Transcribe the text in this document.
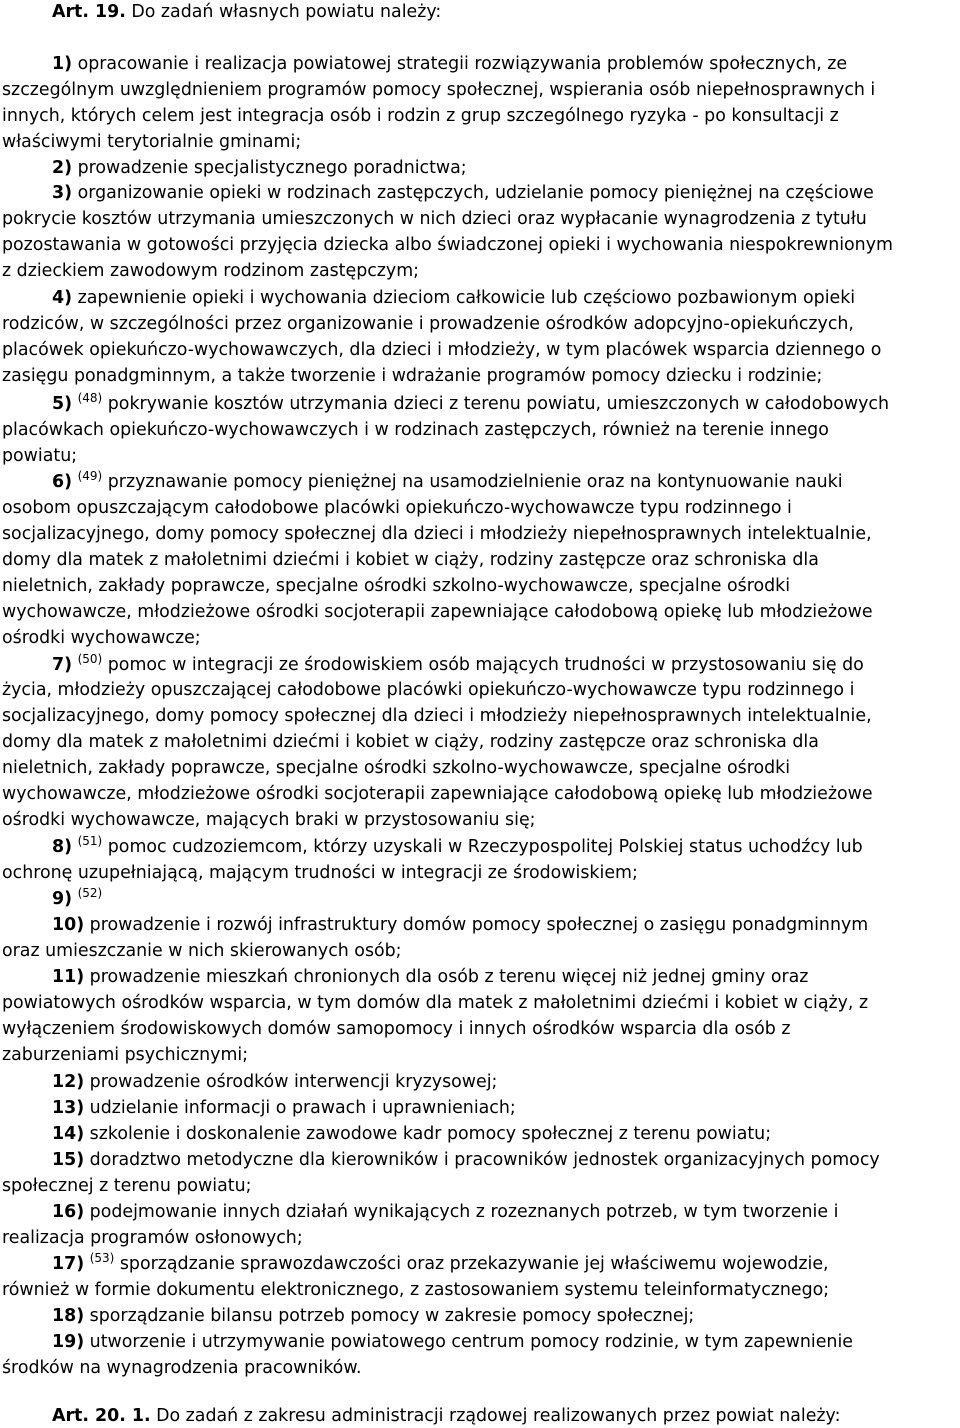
Art. 19. Do zadań własnych powiatu należy:
1) opracowanie i realizacja powiatowej strategii rozwiązywania problemów społecznych, ze
szczególnym uwzględnieniem programów pomocy społecznej, wspierania osób niepełnosprawnych i
innych, których celem jest integracja osób i rodzin z grup szczególnego ryzyka - po konsultacji z
właściwymi terytorialnie gminami;
2) prowadzenie specjalistycznego poradnictwa;
3) organizowanie opieki w rodzinach zastępczych, udzielanie pomocy pieniężnej na częściowe
pokrycie kosztów utrzymania umieszczonych w nich dzieci oraz wypłacanie wynagrodzenia z tytułu
pozostawania w gotowości przyjęcia dziecka albo świadczonej opieki i wychowania niespokrewnionym
z dzieckiem zawodowym rodzinom zastępczym;
4) zapewnienie opieki i wychowania dzieciom całkowicie lub częściowo pozbawionym opieki
rodziców, w szczególności przez organizowanie i prowadzenie ośrodków adopcyjno-opiekuńczych,
placówek opiekuńczo-wychowawczych, dla dzieci i młodzieży, w tym placówek wsparcia dziennego o
zasięgu ponadgminnym, a także tworzenie i wdrażanie programów pomocy dziecku i rodzinie;
5) $^{(48)}$ pokrywanie kosztów utrzymania dzieci z terenu powiatu, umieszczonych w całodobowych
placówkach opiekuńczo-wychowawczych i w rodzinach zastępczych, również na terenie innego
powiatu;
6) $^{(49)}$ przyznawanie pomocy pieniężnej na usamodzielnienie oraz na kontynuowanie nauki
osobom opuszczającym całodobowe placówki opiekuńczo-wychowawcze typu rodzinnego i
socjalizacyjnego, domy pomocy społecznej dla dzieci i młodzieży niepełnosprawnych intelektualnie,
domy dla matek z małoletnimi dziećmi i kobiet w ciąży, rodziny zastępcze oraz schroniska dla
nieletnich, zakłady poprawcze, specjalne ośrodki szkolno-wychowawcze, specjalne ośrodki
wychowawcze, młodzieżowe ośrodki socjoterapii zapewniające całodobową opiekę lub młodzieżowe
ośrodki wychowawcze;
7) $^{(50)}$ pomoc w integracji ze środowiskiem osób mających trudności w przystosowaniu się do
życia, młodzieży opuszczającej całodobowe placówki opiekuńczo-wychowawcze typu rodzinnego i
socjalizacyjnego, domy pomocy społecznej dla dzieci i młodzieży niepełnosprawnych intelektualnie,
domy dla matek z małoletnimi dziećmi i kobiet w ciąży, rodziny zastępcze oraz schroniska dla
nieletnich, zakłady poprawcze, specjalne ośrodki szkolno-wychowawcze, specjalne ośrodki
wychowawcze, młodzieżowe ośrodki socjoterapii zapewniające całodobową opiekę lub młodzieżowe
ośrodki wychowawcze, mających braki w przystosowaniu się;
8) $^{(51)}$ pomoc cudzoziemcom, którzy uzyskali w Rzeczypospolitej Polskiej status uchodźcy lub
ochronę uzupełniającą, mającym trudności w integracji ze środowiskiem;
9) $^{(52)}$
10) prowadzenie i rozwój infrastruktury domów pomocy społecznej o zasięgu ponadgminnym
oraz umieszczanie w nich skierowanych osób;
11) prowadzenie mieszkań chronionych dla osób z terenu więcej niż jednej gminy oraz
powiatowych ośrodków wsparcia, w tym domów dla matek z małoletnimi dziećmi i kobiet w ciąży, z
wyłączeniem środowiskowych domów samopomocy i innych ośrodków wsparcia dla osób z
zaburzeniami psychicznymi;
12) prowadzenie ośrodków interwencji kryzysowej;
13) udzielanie informacji o prawach i uprawnieniach;
14) szkolenie i doskonalenie zawodowe kadr pomocy społecznej z terenu powiatu;
15) doradztwo metodyczne dla kierowników i pracowników jednostek organizacyjnych pomocy
społecznej z terenu powiatu;
16) podejmowanie innych działań wynikających z rozeznanych potrzeb, w tym tworzenie i
realizacja programów osłonowych;
17) $^{(53)}$ sporządzanie sprawozdawczości oraz przekazywanie jej właściwemu wojewodzie,
również w formie dokumentu elektronicznego, z zastosowaniem systemu teleinformatycznego;
18) sporządzanie bilansu potrzeb pomocy w zakresie pomocy społecznej;
19) utworzenie i utrzymywanie powiatowego centrum pomocy rodzinie, w tym zapewnienie
środków na wynagrodzenia pracowników.
Art. 20. 1. Do zadań z zakresu administracji rządowej realizowanych przez powiat należy:
